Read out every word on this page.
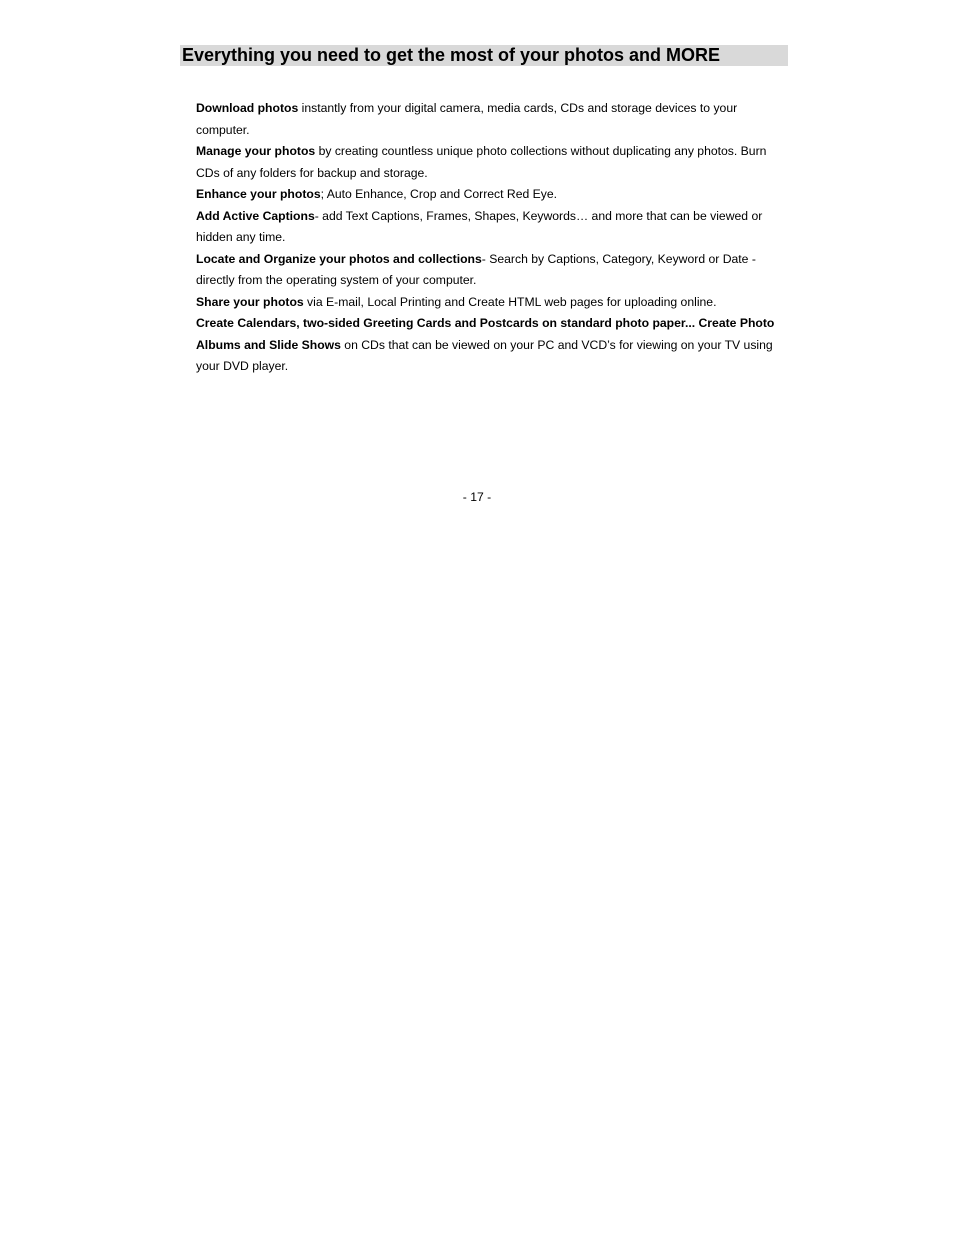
Everything you need to get the most of your photos and MORE

Download photos instantly from your digital camera, media cards, CDs and storage devices to your computer.

Manage your photos by creating countless unique photo collections without duplicating any photos. Burn CDs of any folders for backup and storage.

Enhance your photos; Auto Enhance, Crop and Correct Red Eye.

Add Active Captions- add Text Captions, Frames, Shapes, Keywords… and more that can be viewed or hidden any time.

Locate and Organize your photos and collections- Search by Captions, Category, Keyword or Date - directly from the operating system of your computer.

Share your photos via E-mail, Local Printing and Create HTML web pages for uploading online.

Create Calendars, two-sided Greeting Cards and Postcards on standard photo paper... Create Photo Albums and Slide Shows on CDs that can be viewed on your PC and VCD’s for viewing on your TV using your DVD player.

- 17 -
